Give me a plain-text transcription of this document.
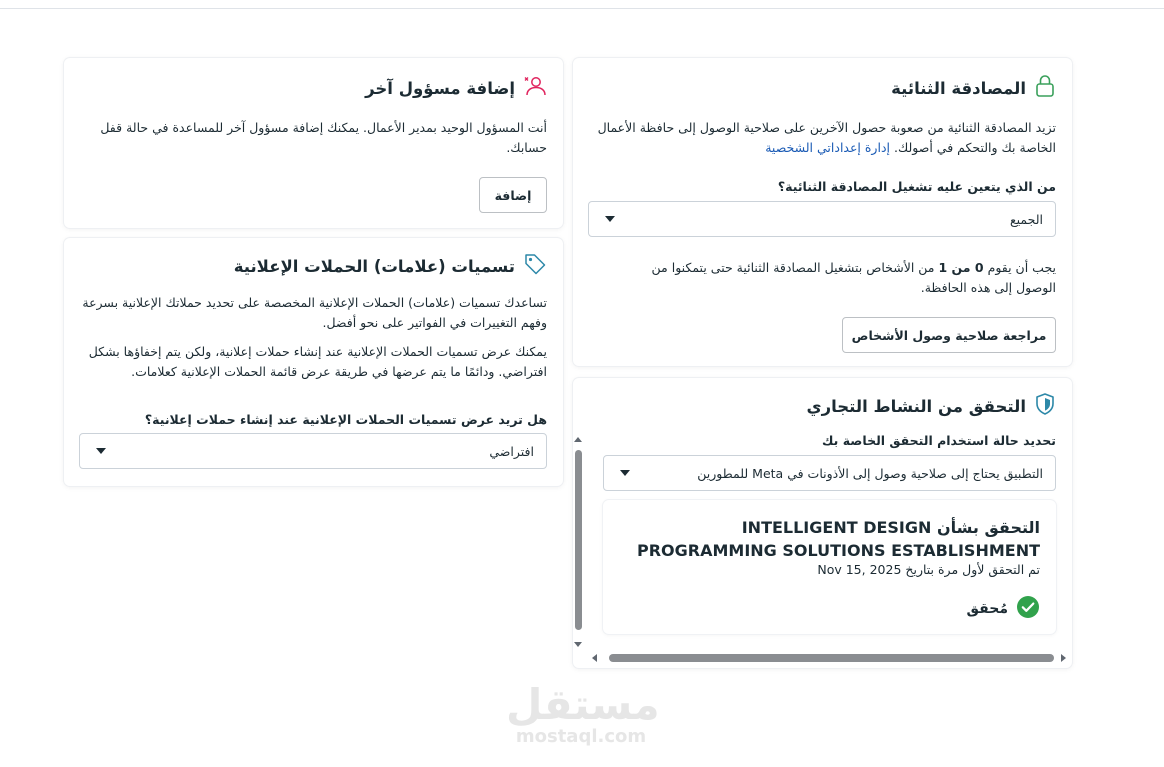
المصادقة الثنائية
تزيد المصادقة الثنائية من صعوبة حصول الآخرين على صلاحية الوصول إلى حافظة الأعمال الخاصة بك والتحكم في أصولك. إدارة إعداداتي الشخصية
من الذي يتعين عليه تشغيل المصادقة الثنائية؟
الجميع
يجب أن يقوم 0 من 1 من الأشخاص بتشغيل المصادقة الثنائية حتى يتمكنوا من الوصول إلى هذه الحافظة.
مراجعة صلاحية وصول الأشخاص
إضافة مسؤول آخر
أنت المسؤول الوحيد بمدير الأعمال. يمكنك إضافة مسؤول آخر للمساعدة في حالة قفل حسابك.
إضافة
تسميات (علامات) الحملات الإعلانية
تساعدك تسميات (علامات) الحملات الإعلانية المخصصة على تحديد حملاتك الإعلانية بسرعة وفهم التغييرات في الفواتير على نحو أفضل.
يمكنك عرض تسميات الحملات الإعلانية عند إنشاء حملات إعلانية، ولكن يتم إخفاؤها بشكل افتراضي. ودائمًا ما يتم عرضها في طريقة عرض قائمة الحملات الإعلانية كعلامات.
هل تريد عرض تسميات الحملات الإعلانية عند إنشاء حملات إعلانية؟
افتراضي
التحقق من النشاط التجاري
تحديد حالة استخدام التحقق الخاصة بك
التطبيق يحتاج إلى صلاحية وصول إلى الأذونات في Meta للمطورين
التحقق بشأن INTELLIGENT DESIGN PROGRAMMING SOLUTIONS ESTABLISHMENT
تم التحقق لأول مرة بتاريخ Nov 15, 2025
مُحقق
مستقل
mostaql.com
